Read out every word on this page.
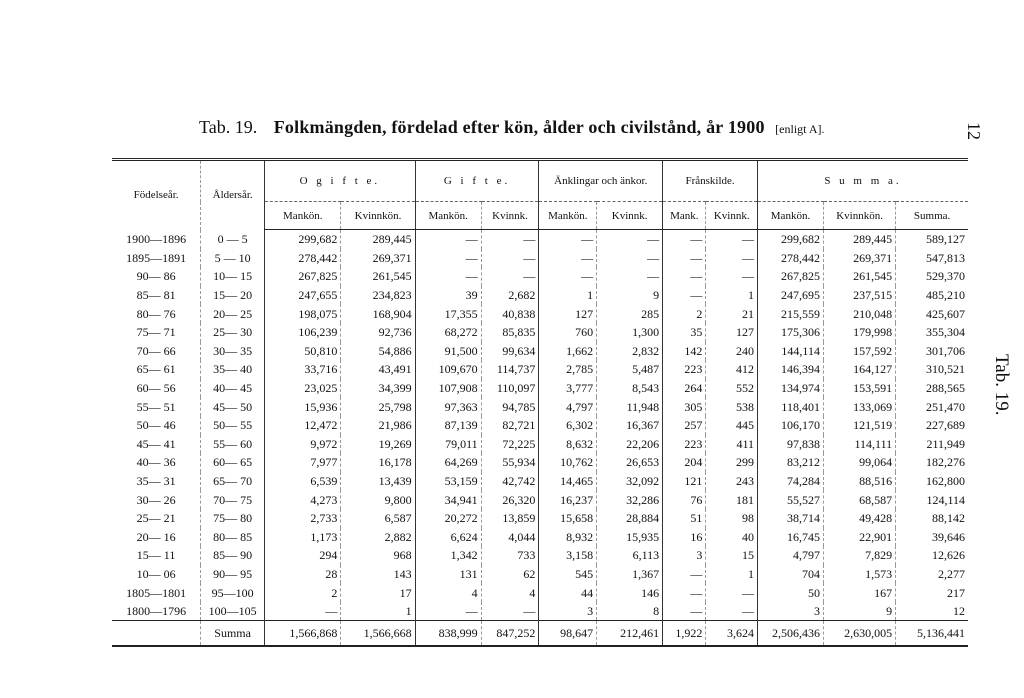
Tab. 19. Folkmängden, fördelad efter kön, ålder och civilstånd, år 1900 [enligt A].	12
Tab. 19.
Födelseår.	Åldersår.	O g i f t e.		G i f t e.		Änklingar och änkor.		Frånskilde.		S u m m a.		
		Mankön.	Kvinnkön.	Mankön.	Kvinnk.	Mankön.	Kvinnk.	Mank.	Kvinnk.	Mankön.	Kvinnkön.	Summa.
1900—1896	0 — 5	299,682	289,445	—	—	—	—	—	—	299,682	289,445	589,127
1895—1891	5 — 10	278,442	269,371	—	—	—	—	—	—	278,442	269,371	547,813
90— 86	10— 15	267,825	261,545	—	—	—	—	—	—	267,825	261,545	529,370
85— 81	15— 20	247,655	234,823	39	2,682	1	9	—	1	247,695	237,515	485,210
80— 76	20— 25	198,075	168,904	17,355	40,838	127	285	2	21	215,559	210,048	425,607
75— 71	25— 30	106,239	92,736	68,272	85,835	760	1,300	35	127	175,306	179,998	355,304
70— 66	30— 35	50,810	54,886	91,500	99,634	1,662	2,832	142	240	144,114	157,592	301,706
65— 61	35— 40	33,716	43,491	109,670	114,737	2,785	5,487	223	412	146,394	164,127	310,521
60— 56	40— 45	23,025	34,399	107,908	110,097	3,777	8,543	264	552	134,974	153,591	288,565
55— 51	45— 50	15,936	25,798	97,363	94,785	4,797	11,948	305	538	118,401	133,069	251,470
50— 46	50— 55	12,472	21,986	87,139	82,721	6,302	16,367	257	445	106,170	121,519	227,689
45— 41	55— 60	9,972	19,269	79,011	72,225	8,632	22,206	223	411	97,838	114,111	211,949
40— 36	60— 65	7,977	16,178	64,269	55,934	10,762	26,653	204	299	83,212	99,064	182,276
35— 31	65— 70	6,539	13,439	53,159	42,742	14,465	32,092	121	243	74,284	88,516	162,800
30— 26	70— 75	4,273	9,800	34,941	26,320	16,237	32,286	76	181	55,527	68,587	124,114
25— 21	75— 80	2,733	6,587	20,272	13,859	15,658	28,884	51	98	38,714	49,428	88,142
20— 16	80— 85	1,173	2,882	6,624	4,044	8,932	15,935	16	40	16,745	22,901	39,646
15— 11	85— 90	294	968	1,342	733	3,158	6,113	3	15	4,797	7,829	12,626
10— 06	90— 95	28	143	131	62	545	1,367	—	1	704	1,573	2,277
1805—1801	95—100	2	17	4	4	44	146	—	—	50	167	217
1800—1796	100—105	—	1	—	—	3	8	—	—	3	9	12
	Summa	1,566,868	1,566,668	838,999	847,252	98,647	212,461	1,922	3,624	2,506,436	2,630,005	5,136,441
